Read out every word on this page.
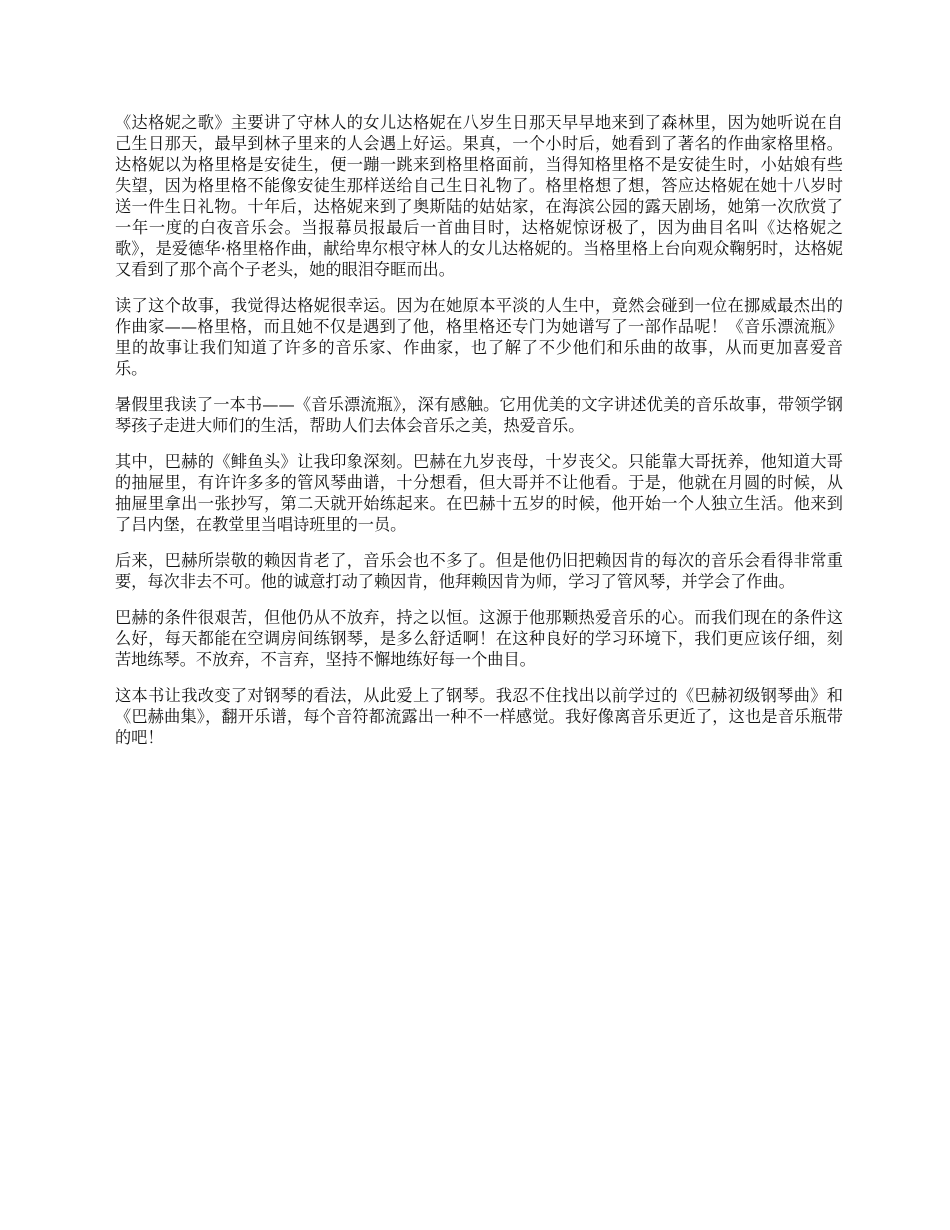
《达格妮之歌》主要讲了守林人的女儿达格妮在八岁生日那天早早地来到了森林里，因为她听说在自己生日那天，最早到林子里来的人会遇上好运。果真，一个小时后，她看到了著名的作曲家格里格。达格妮以为格里格是安徒生，便一蹦一跳来到格里格面前，当得知格里格不是安徒生时，小姑娘有些失望，因为格里格不能像安徒生那样送给自己生日礼物了。格里格想了想，答应达格妮在她十八岁时送一件生日礼物。十年后，达格妮来到了奥斯陆的姑姑家，在海滨公园的露天剧场，她第一次欣赏了一年一度的白夜音乐会。当报幕员报最后一首曲目时，达格妮惊讶极了，因为曲目名叫《达格妮之歌》，是爱德华·格里格作曲，献给卑尔根守林人的女儿达格妮的。当格里格上台向观众鞠躬时，达格妮又看到了那个高个子老头，她的眼泪夺眶而出。

读了这个故事，我觉得达格妮很幸运。因为在她原本平淡的人生中，竟然会碰到一位在挪威最杰出的作曲家——格里格，而且她不仅是遇到了他，格里格还专门为她谱写了一部作品呢！《音乐漂流瓶》里的故事让我们知道了许多的音乐家、作曲家，也了解了不少他们和乐曲的故事，从而更加喜爱音乐。

暑假里我读了一本书——《音乐漂流瓶》，深有感触。它用优美的文字讲述优美的音乐故事，带领学钢琴孩子走进大师们的生活，帮助人们去体会音乐之美，热爱音乐。

其中，巴赫的《鲱鱼头》让我印象深刻。巴赫在九岁丧母，十岁丧父。只能靠大哥抚养，他知道大哥的抽屉里，有许许多多的管风琴曲谱，十分想看，但大哥并不让他看。于是，他就在月圆的时候，从抽屉里拿出一张抄写，第二天就开始练起来。在巴赫十五岁的时候，他开始一个人独立生活。他来到了吕内堡，在教堂里当唱诗班里的一员。

后来，巴赫所崇敬的赖因肯老了，音乐会也不多了。但是他仍旧把赖因肯的每次的音乐会看得非常重要，每次非去不可。他的诚意打动了赖因肯，他拜赖因肯为师，学习了管风琴，并学会了作曲。

巴赫的条件很艰苦，但他仍从不放弃，持之以恒。这源于他那颗热爱音乐的心。而我们现在的条件这么好，每天都能在空调房间练钢琴，是多么舒适啊！在这种良好的学习环境下，我们更应该仔细，刻苦地练琴。不放弃，不言弃，坚持不懈地练好每一个曲目。

这本书让我改变了对钢琴的看法，从此爱上了钢琴。我忍不住找出以前学过的《巴赫初级钢琴曲》和《巴赫曲集》，翻开乐谱，每个音符都流露出一种不一样感觉。我好像离音乐更近了，这也是音乐瓶带的吧！
